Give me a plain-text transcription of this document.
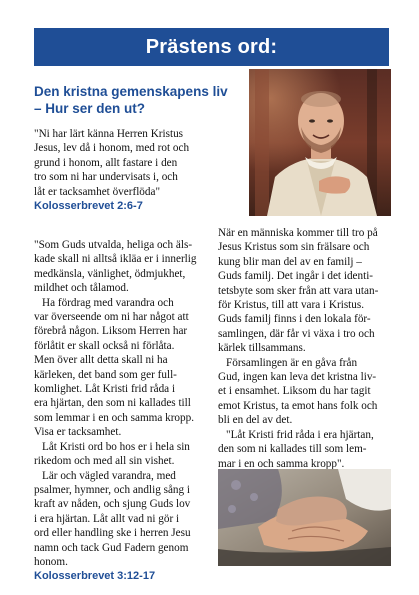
Prästens ord:
Den kristna gemenskapens liv
– Hur ser den ut?

"Ni har lärt känna Herren Kristus

Jesus, lev då i honom, med rot och

grund i honom, allt fastare i den

tro som ni har undervisats i, och

låt er tacksamhet överflöda"

Kolosserbrevet 2:6-7

"Som Guds utvalda, heliga och äls-

kade skall ni alltså ikläa er i innerlig

medkänsla, vänlighet, ödmjukhet,

mildhet och tålamod.

Ha fördrag med varandra och

var överseende om ni har något att

förebrå någon. Liksom Herren har

förlåtit er skall också ni förlåta.

Men över allt detta skall ni ha

kärleken, det band som ger full-

komlighet. Låt Kristi frid råda i

era hjärtan, den som ni kallades till

som lemmar i en och samma kropp.

Visa er tacksamhet.

Låt Kristi ord bo hos er i hela sin

rikedom och med all sin vishet.

Lär och vägled varandra, med

psalmer, hymner, och andlig sång i

kraft av nåden, och sjung Guds lov

i era hjärtan. Låt allt vad ni gör i

ord eller handling ske i herren Jesu

namn och tack Gud Fadern genom

honom.

Kolosserbrevet 3:12-17

När en människa kommer till tro på

Jesus Kristus som sin frälsare och

kung blir man del av en familj –

Guds familj. Det ingår i det identi-

tetsbyte som sker från att vara utan-

för Kristus, till att vara i Kristus.

Guds familj finns i den lokala för-

samlingen, där får vi växa i tro och

kärlek tillsammans.

Församlingen är en gåva från

Gud, ingen kan leva det kristna liv-

et i ensamhet. Liksom du har tagit

emot Kristus, ta emot hans folk och

bli en del av det.

"Låt Kristi frid råda i era hjärtan,

den som ni kallades till som lem-

mar i en och samma kropp".
